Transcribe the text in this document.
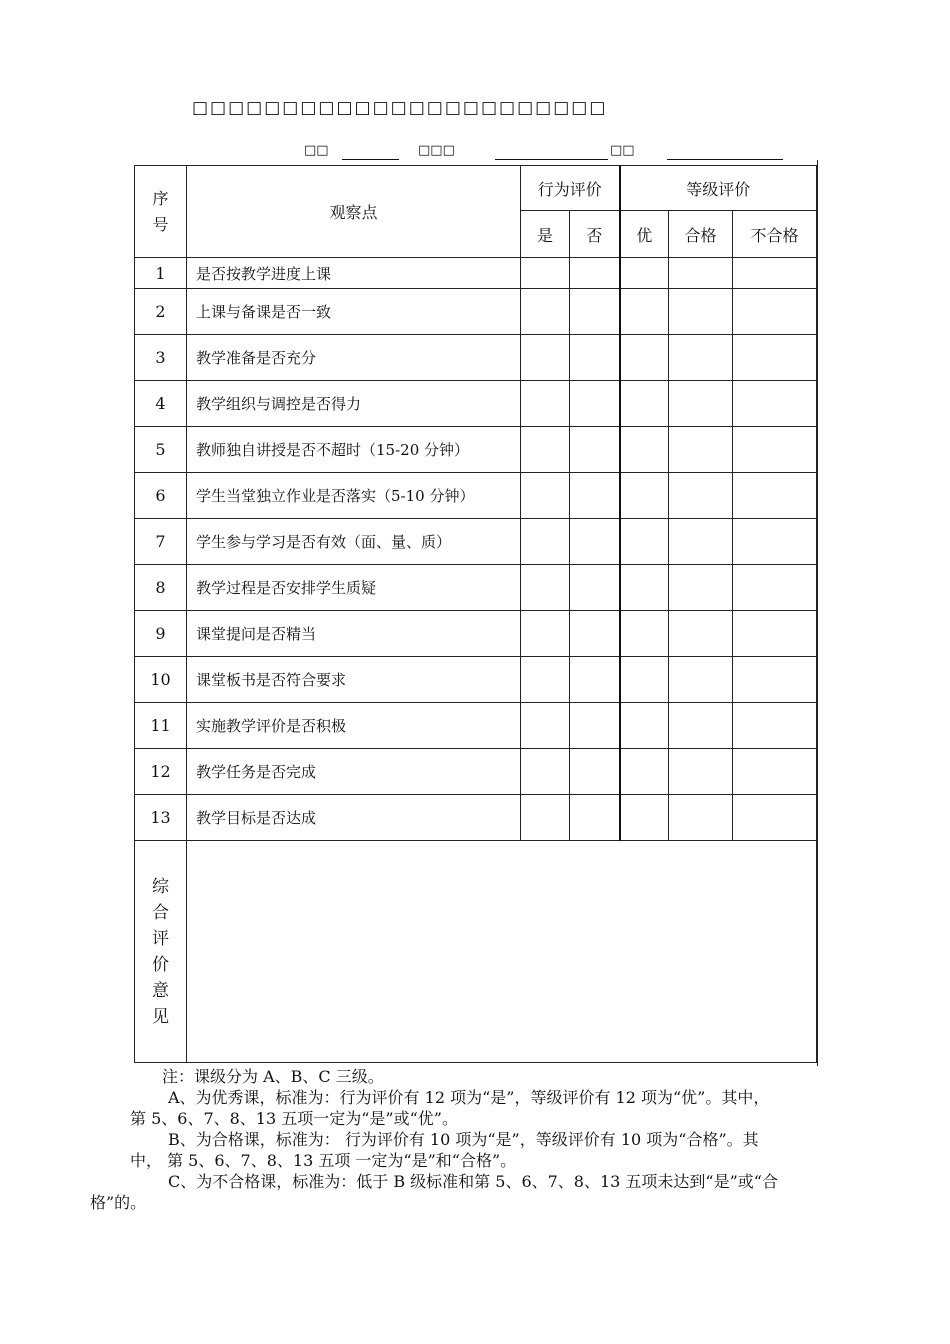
□□□□□□□□□□□□□□□□□□□□□□□
□□	□□□	□□
序号	观察点	行为评价		等级评价		
		是	否	优	合格	不合格
1	是否按教学进度上课					
2	上课与备课是否一致					
3	教学准备是否充分					
4	教学组织与调控是否得力					
5	教师独自讲授是否不超时（15-20 分钟）					
6	学生当堂独立作业是否落实（5-10 分钟）					
7	学生参与学习是否有效（面、量、质）					
8	教学过程是否安排学生质疑					
9	课堂提问是否精当					
10	课堂板书是否符合要求					
11	实施教学评价是否积极					
12	教学任务是否完成					
13	教学目标是否达成					

综合评价意见						

注：课级分为 A、B、C 三级。

A、为优秀课，标准为：行为评价有 12 项为“是”，等级评价有 12 项为“优”。其中，

第 5、6、7、8、13 五项一定为“是”或“优”。

B、为合格课，标准为： 行为评价有 10 项为“是”，等级评价有 10 项为“合格”。其

中， 第 5、6、7、8、13 五项 一定为“是”和“合格”。

C、为不合格课，标准为：低于 B 级标准和第 5、6、7、8、13 五项未达到“是”或“合

格”的。
